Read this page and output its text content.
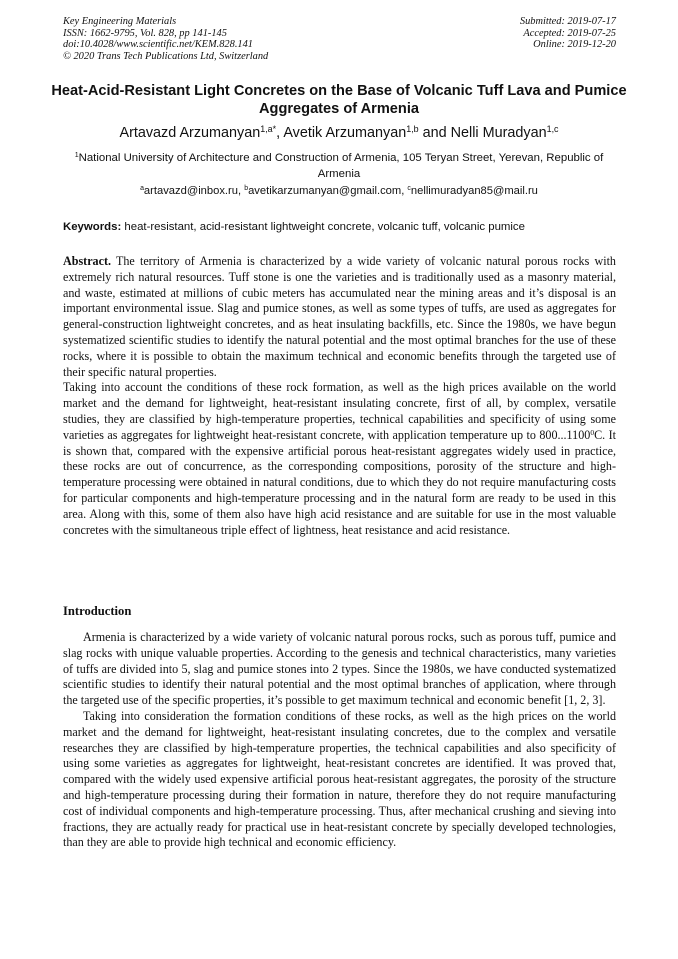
Key Engineering Materials
ISSN: 1662-9795, Vol. 828, pp 141-145
doi:10.4028/www.scientific.net/KEM.828.141
© 2020 Trans Tech Publications Ltd, Switzerland
Submitted: 2019-07-17
Accepted: 2019-07-25
Online: 2019-12-20
Heat-Acid-Resistant Light Concretes on the Base of Volcanic Tuff Lava and Pumice Aggregates of Armenia
Artavazd Arzumanyan$^{1,a*}$, Avetik Arzumanyan$^{1,b}$ and Nelli Muradyan$^{1,c}$
$^1$National University of Architecture and Construction of Armenia, 105 Teryan Street, Yerevan, Republic of Armenia
$^a$artavazd@inbox.ru, $^b$avetikarzumanyan@gmail.com, $^c$nellimuradyan85@mail.ru
Keywords: heat-resistant, acid-resistant lightweight concrete, volcanic tuff, volcanic pumice

Abstract. The territory of Armenia is characterized by a wide variety of volcanic natural porous rocks with extremely rich natural resources. Tuff stone is one the varieties and is traditionally used as a masonry material, and waste, estimated at millions of cubic meters has accumulated near the mining areas and it’s disposal is an important environmental issue. Slag and pumice stones, as well as some types of tuffs, are used as aggregates for general-construction lightweight concretes, and as heat insulating backfills, etc. Since the 1980s, we have begun systematized scientific studies to identify the natural potential and the most optimal branches for the use of these rocks, where it is possible to obtain the maximum technical and economic benefits through the targeted use of their specific natural properties.

Taking into account the conditions of these rock formation, as well as the high prices available on the world market and the demand for lightweight, heat-resistant insulating concrete, first of all, by complex, versatile studies, they are classified by high-temperature properties, technical capabilities and specificity of using some varieties as aggregates for lightweight heat-resistant concrete, with application temperature up to 800...1100$^0$C. It is shown that, compared with the expensive artificial porous heat-resistant aggregates widely used in practice, these rocks are out of concurrence, as the corresponding compositions, porosity of the structure and high-temperature processing were obtained in natural conditions, due to which they do not require manufacturing costs for particular components and high-temperature processing and in the natural form are ready to be used in this area. Along with this, some of them also have high acid resistance and are suitable for use in the most valuable concretes with the simultaneous triple effect of lightness, heat resistance and acid resistance.

Introduction

Armenia is characterized by a wide variety of volcanic natural porous rocks, such as porous tuff, pumice and slag rocks with unique valuable properties. According to the genesis and technical characteristics, many varieties of tuffs are divided into 5, slag and pumice stones into 2 types. Since the 1980s, we have conducted systematized scientific studies to identify their natural potential and the most optimal branches of application, where through the targeted use of the specific properties, it’s possible to get maximum technical and economic benefit [1, 2, 3].

Taking into consideration the formation conditions of these rocks, as well as the high prices on the world market and the demand for lightweight, heat-resistant insulating concretes, due to the complex and versatile researches they are classified by high-temperature properties, the technical capabilities and also specificity of using some varieties as aggregates for lightweight, heat-resistant concretes are identified. It was proved that, compared with the widely used expensive artificial porous heat-resistant aggregates, the porosity of the structure and high-temperature processing during their formation in nature, therefore they do not require manufacturing cost of individual components and high-temperature processing. Thus, after mechanical crushing and sieving into fractions, they are actually ready for practical use in heat-resistant concrete by specially developed technologies, than they are able to provide high technical and economic efficiency.
